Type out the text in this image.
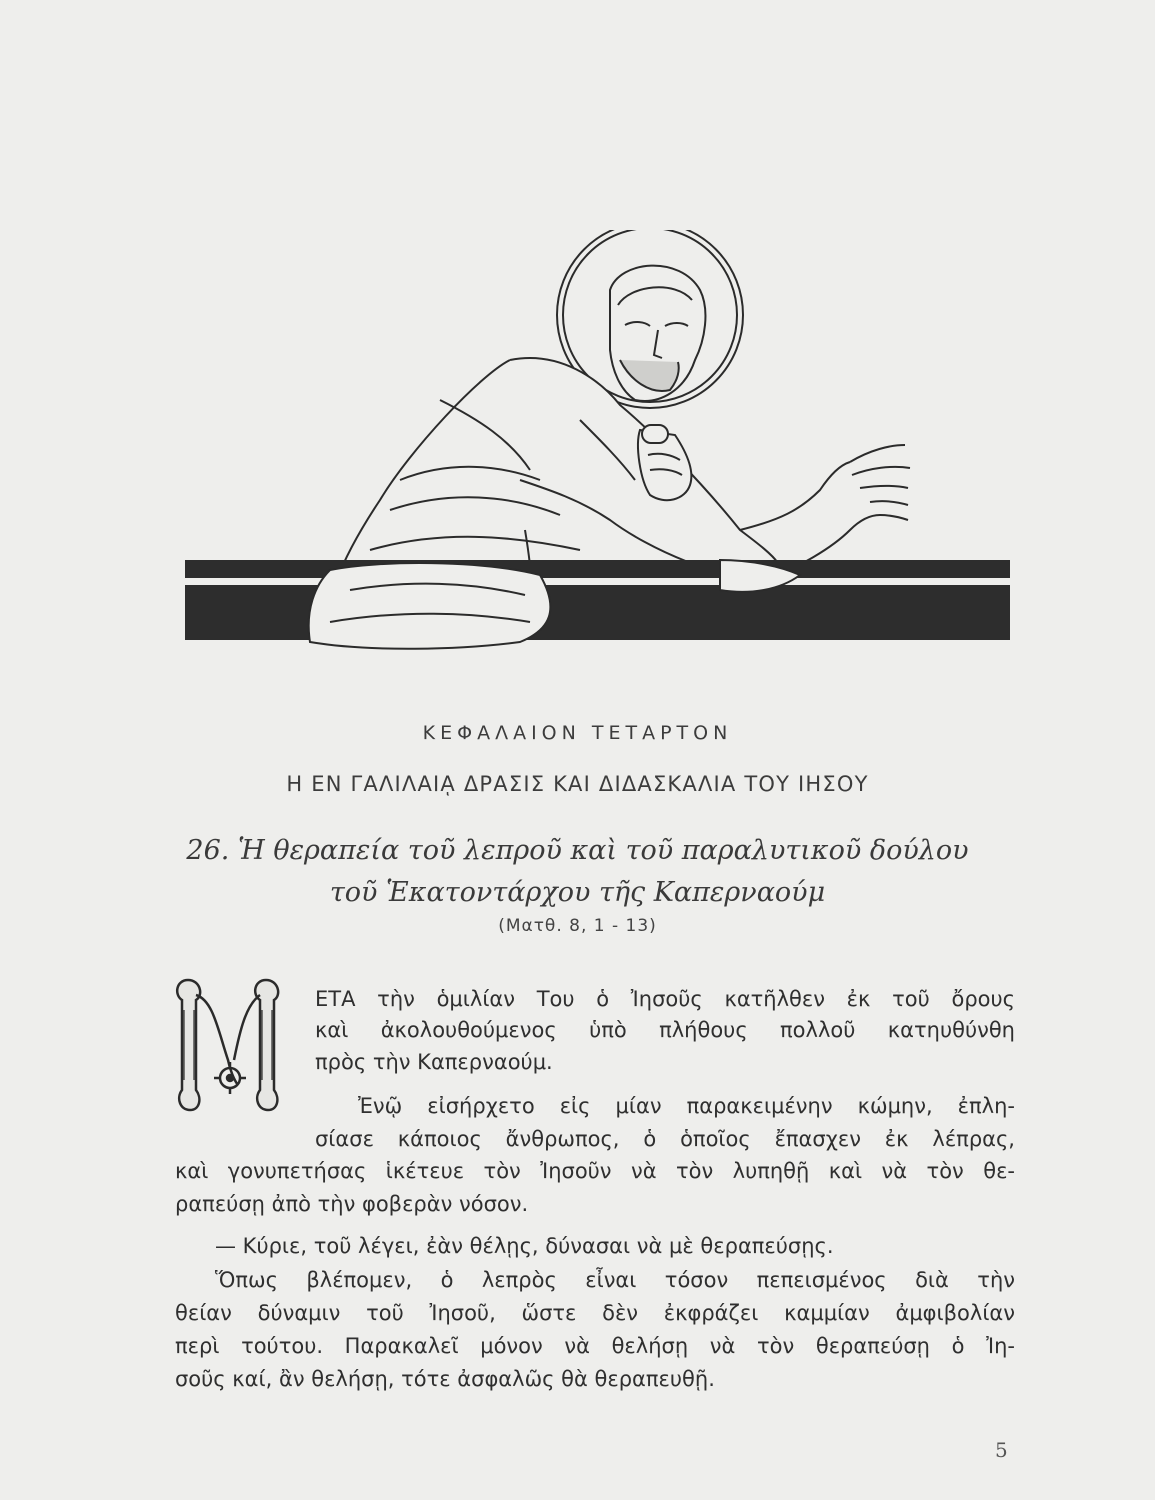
ΚΕΦΑΛΑΙΟΝ ΤΕΤΑΡΤΟΝ
Η ΕΝ ΓΑΛΙΛΑΙᾼ ΔΡΑΣΙΣ ΚΑΙ ΔΙΔΑΣΚΑΛΙΑ ΤΟΥ ΙΗΣΟΥ
26. Ἡ θεραπεία τοῦ λεπροῦ καὶ τοῦ παραλυτικοῦ δούλου
τοῦ Ἑκατοντάρχου τῆς Καπερναούμ
(Ματθ. 8, 1 - 13)
Μ
ΕΤΑ τὴν ὁμιλίαν Του ὁ Ἰησοῦς κατῆλθεν ἐκ τοῦ ὄρους
καὶ ἀκολουθούμενος ὑπὸ πλήθους πολλοῦ κατηυθύνθη
πρὸς τὴν Καπερναούμ.
Ἐνῷ εἰσήρχετο εἰς μίαν παρακειμένην κώμην, ἐπλη-
σίασε κάποιος ἄνθρωπος, ὁ ὁποῖος ἔπασχεν ἐκ λέπρας,
καὶ γονυπετήσας ἱκέτευε τὸν Ἰησοῦν νὰ τὸν λυπηθῇ καὶ νὰ τὸν θε-
ραπεύσῃ ἀπὸ τὴν φοβερὰν νόσον.
— Κύριε, τοῦ λέγει, ἐὰν θέλῃς, δύνασαι νὰ μὲ θεραπεύσῃς.
Ὅπως βλέπομεν, ὁ λεπρὸς εἶναι τόσον πεπεισμένος διὰ τὴν
θείαν δύναμιν τοῦ Ἰησοῦ, ὥστε δὲν ἐκφράζει καμμίαν ἀμφιβολίαν
περὶ τούτου. Παρακαλεῖ μόνον νὰ θελήσῃ νὰ τὸν θεραπεύσῃ ὁ Ἰη-
σοῦς καί, ἂν θελήσῃ, τότε ἀσφαλῶς θὰ θεραπευθῇ.
5
